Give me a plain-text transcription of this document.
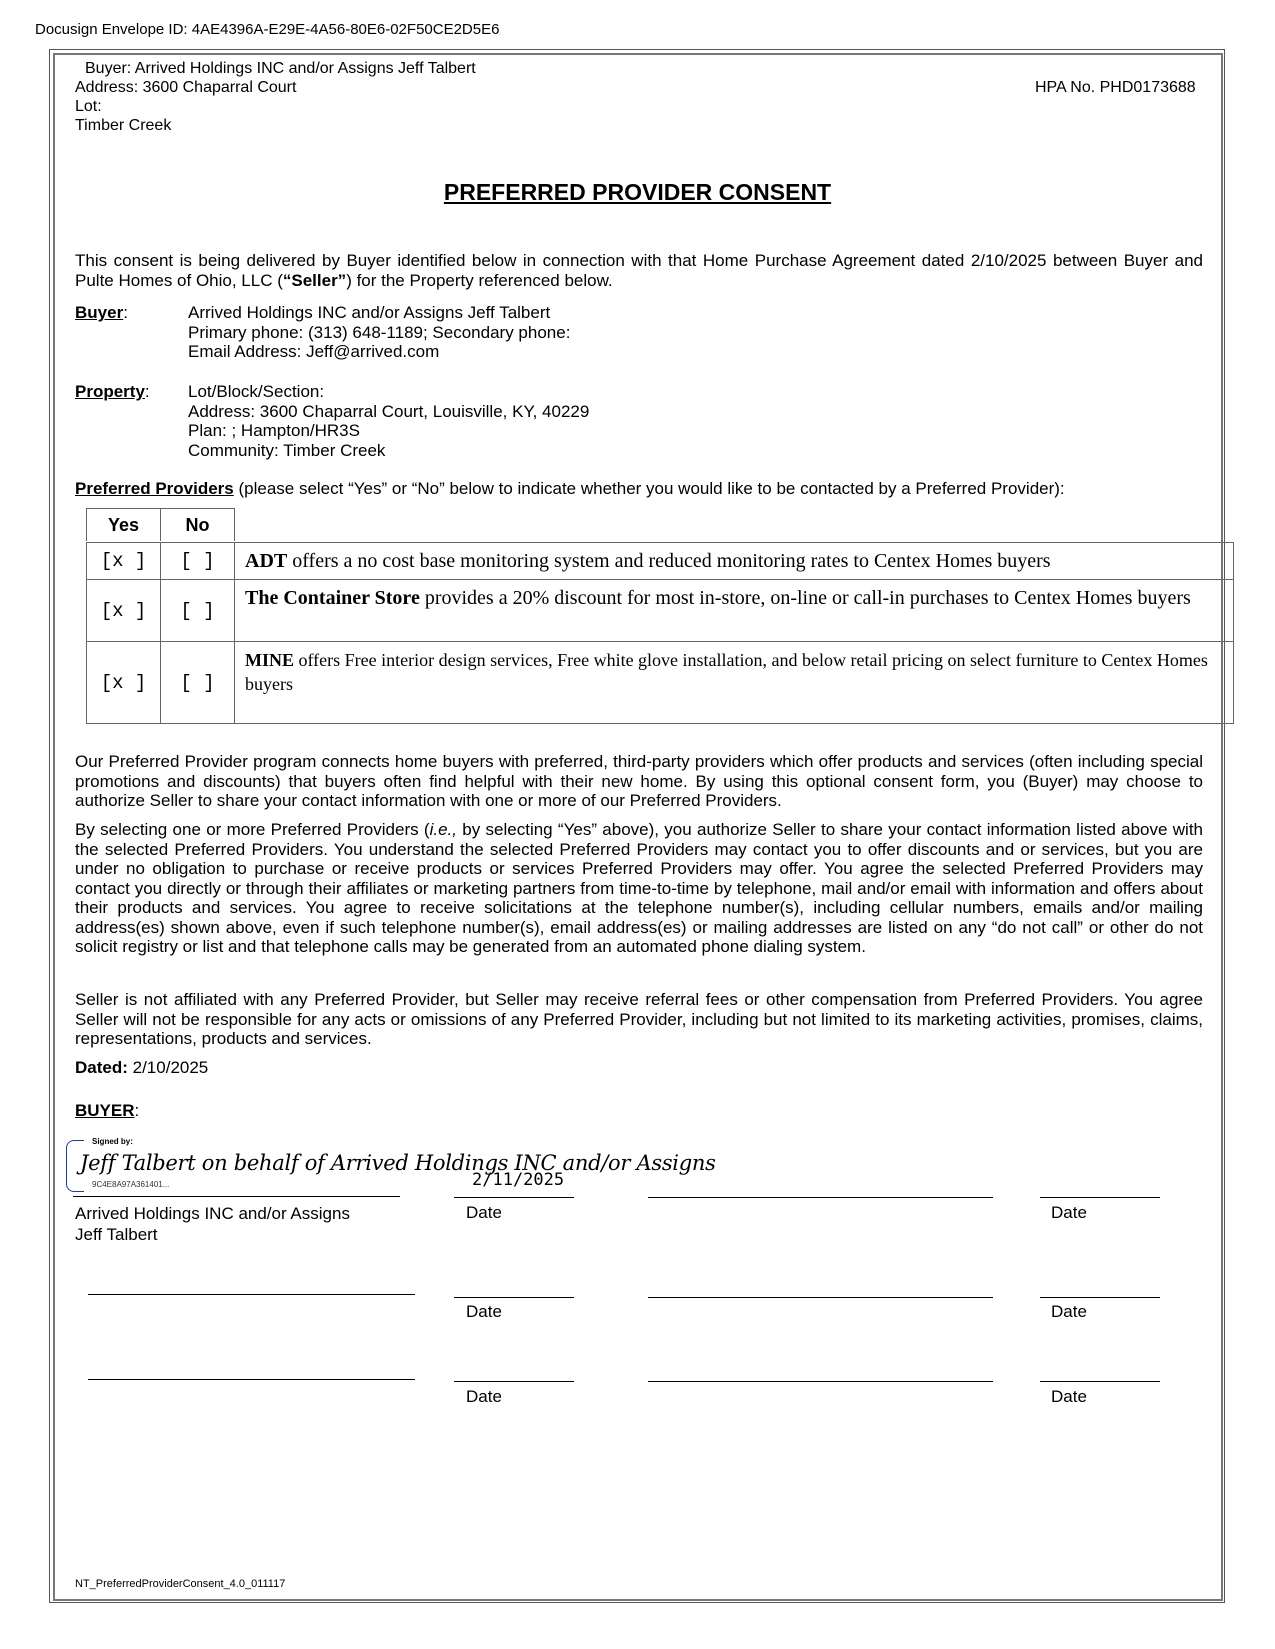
Docusign Envelope ID: 4AE4396A-E29E-4A56-80E6-02F50CE2D5E6
Buyer: Arrived Holdings INC and/or Assigns Jeff Talbert
Address: 3600 Chaparral Court
Lot:
Timber Creek
HPA No. PHD0173688
PREFERRED PROVIDER CONSENT
This consent is being delivered by Buyer identified below in connection with that Home Purchase Agreement dated 2/10/2025 between Buyer and Pulte Homes of Ohio, LLC (“Seller”) for the Property referenced below.
Buyer:	Arrived Holdings INC and/or Assigns Jeff Talbert
Primary phone: (313) 648-1189; Secondary phone:
Email Address: Jeff@arrived.com
Property: Lot/Block/Section:
Address: 3600 Chaparral Court, Louisville, KY, 40229
Plan: ; Hampton/HR3S
Community: Timber Creek
Preferred Providers (please select “Yes” or “No” below to indicate whether you would like to be contacted by a Preferred Provider):
Yes	No
[x ]	[ ]	ADT offers a no cost base monitoring system and reduced monitoring rates to Centex Homes buyers
[x ]	[ ]	The Container Store provides a 20% discount for most in-store, on-line or call-in purchases to Centex Homes buyers
[x ]	[ ]	MINE offers Free interior design services, Free white glove installation, and below retail pricing on select furniture to Centex Homes buyers
Our Preferred Provider program connects home buyers with preferred, third-party providers which offer products and services (often including special promotions and discounts) that buyers often find helpful with their new home. By using this optional consent form, you (Buyer) may choose to authorize Seller to share your contact information with one or more of our Preferred Providers.
By selecting one or more Preferred Providers (i.e., by selecting “Yes” above), you authorize Seller to share your contact information listed above with the selected Preferred Providers. You understand the selected Preferred Providers may contact you to offer discounts and or services, but you are under no obligation to purchase or receive products or services Preferred Providers may offer. You agree the selected Preferred Providers may contact you directly or through their affiliates or marketing partners from time-to-time by telephone, mail and/or email with information and offers about their products and services. You agree to receive solicitations at the telephone number(s), including cellular numbers, emails and/or mailing address(es) shown above, even if such telephone number(s), email address(es) or mailing addresses are listed on any “do not call” or other do not solicit registry or list and that telephone calls may be generated from an automated phone dialing system.
Seller is not affiliated with any Preferred Provider, but Seller may receive referral fees or other compensation from Preferred Providers. You agree Seller will not be responsible for any acts or omissions of any Preferred Provider, including but not limited to its marketing activities, promises, claims, representations, products and services.
Dated: 2/10/2025
BUYER:
Signed by:
Jeff Talbert on behalf of Arrived Holdings INC and/or Assigns
9C4E8A97A361401...	2/11/2025
Arrived Holdings INC and/or Assigns
Jeff Talbert
Date	Date
Date	Date
Date	Date
NT_PreferredProviderConsent_4.0_011117
